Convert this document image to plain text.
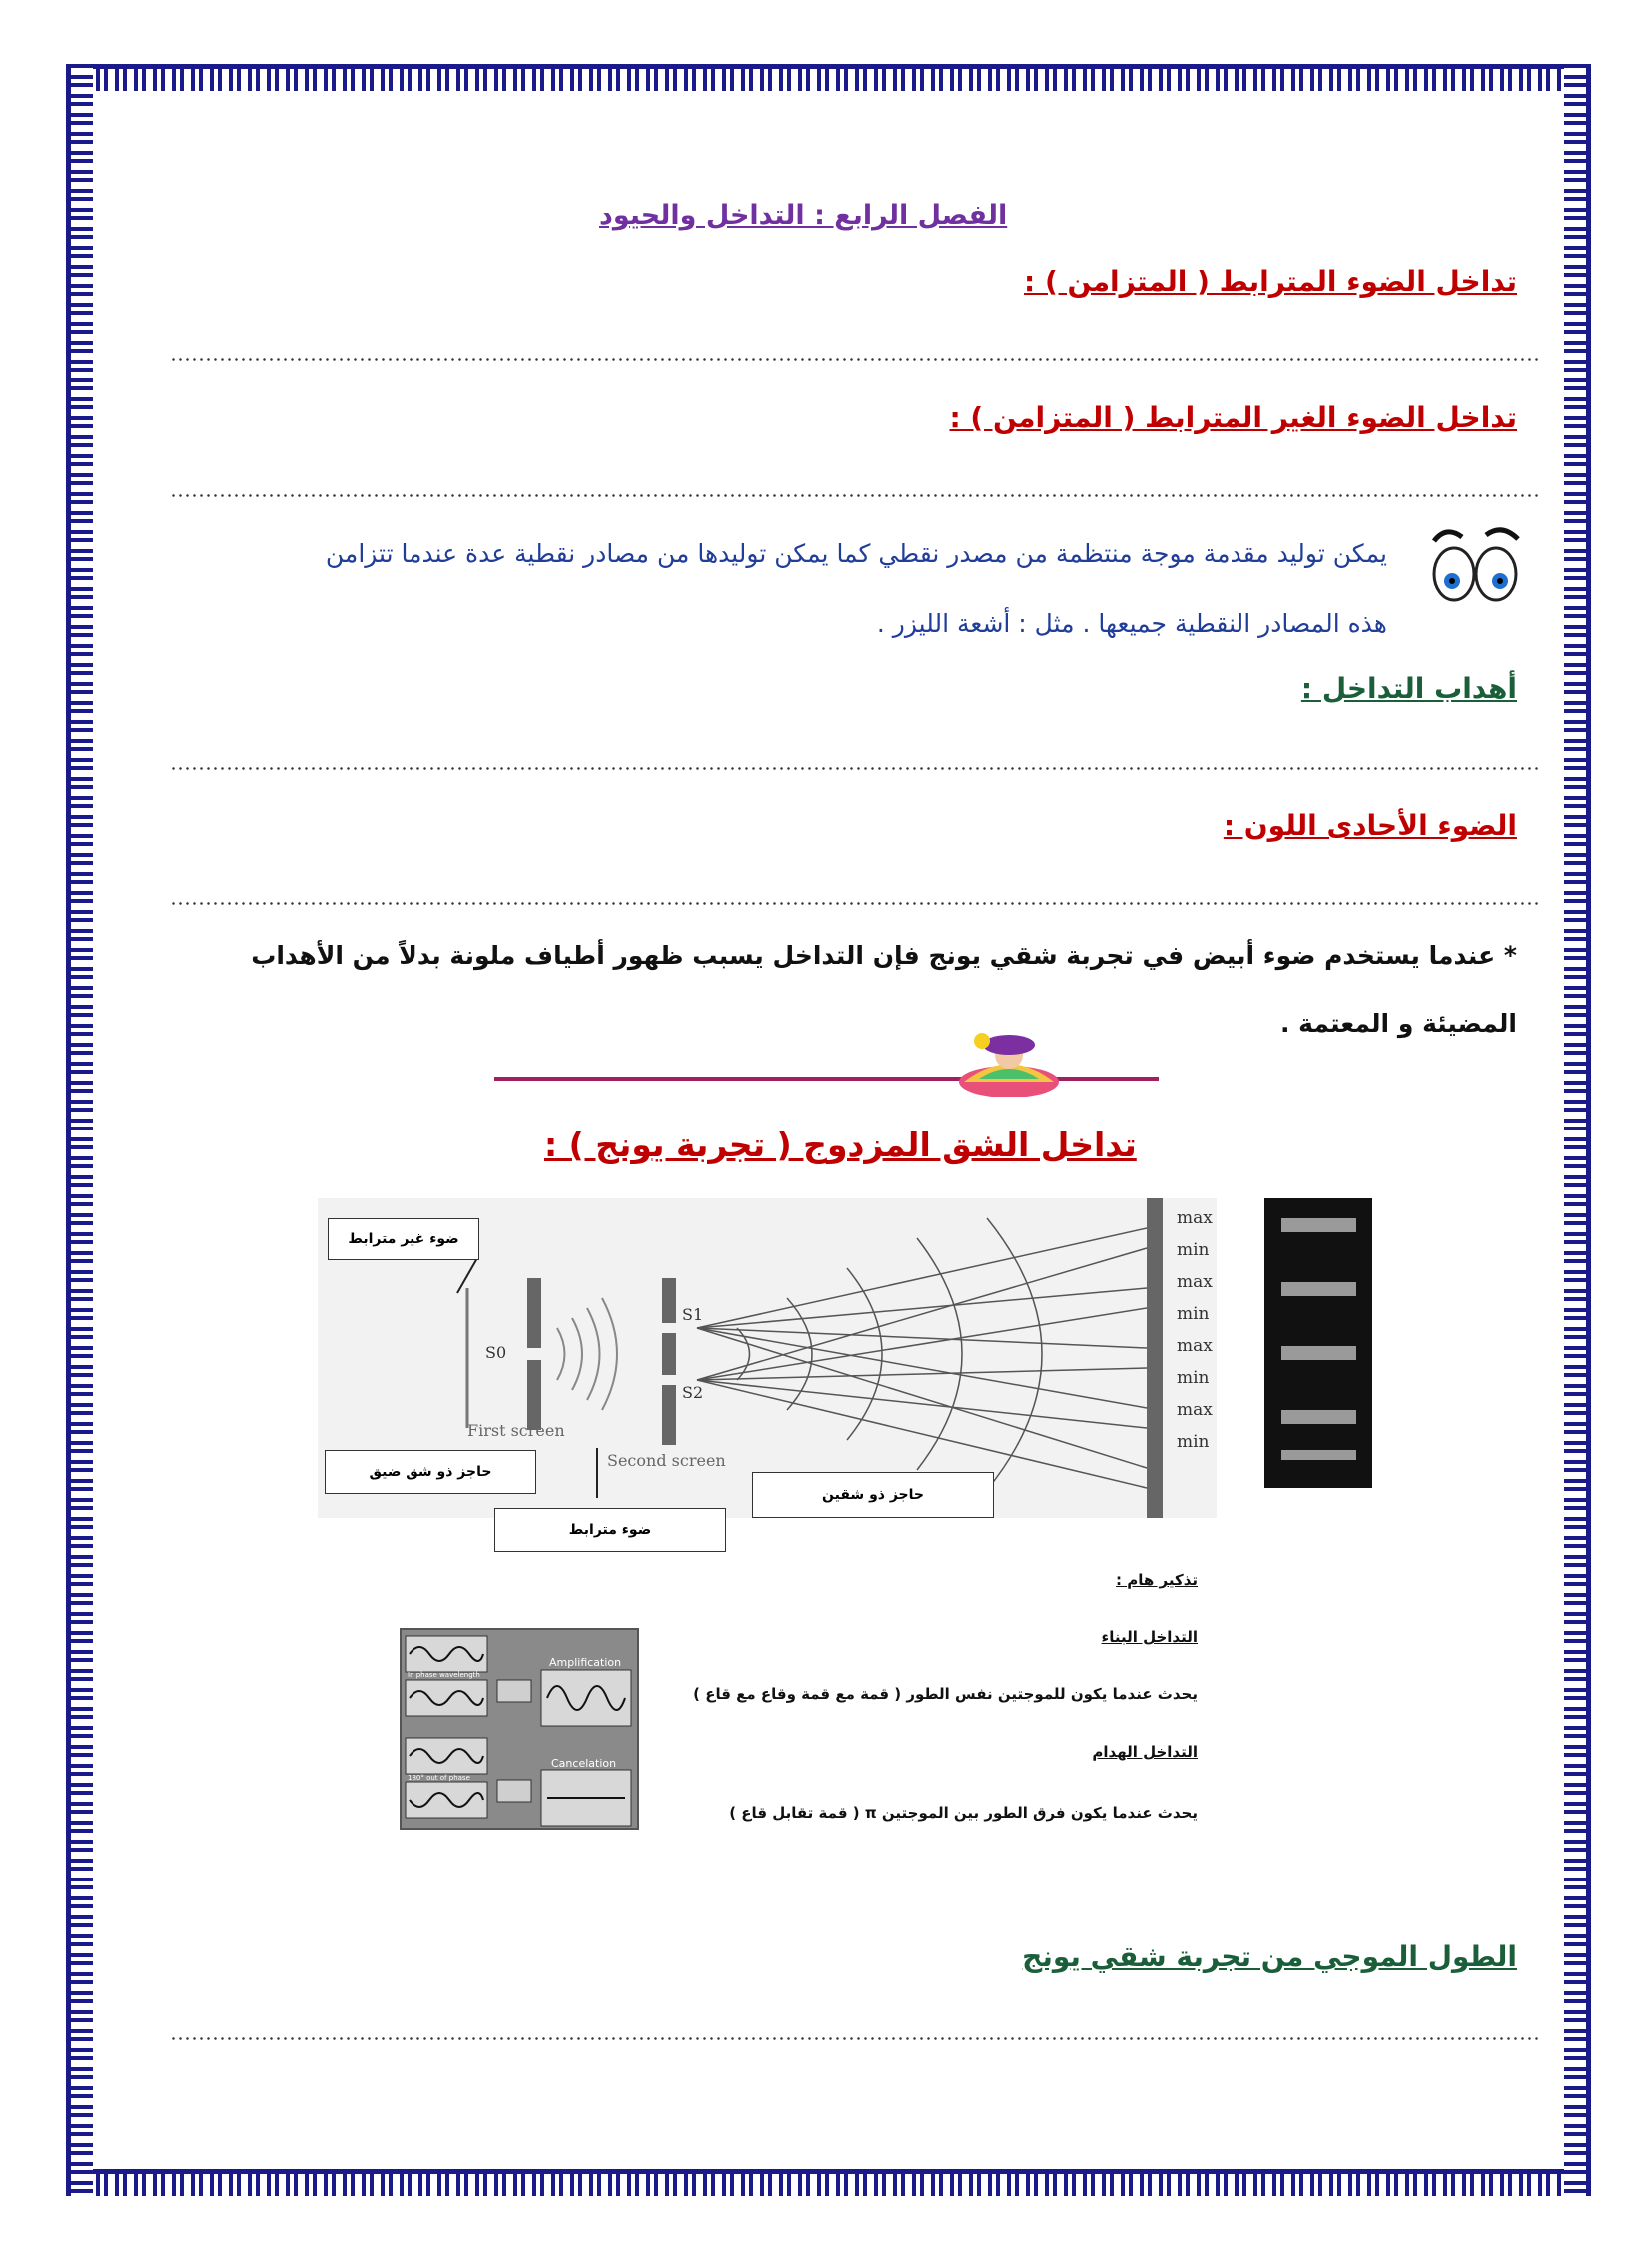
الفصل الرابع : التداخل والحيود
تداخل الضوء المترابط ( المتزامن ) :
تداخل الضوء الغير المترابط ( المتزامن ) :
يمكن توليد مقدمة موجة منتظمة من مصدر نقطي كما يمكن توليدها من مصادر نقطية عدة عندما تتزامن
هذه المصادر النقطية جميعها . مثل : أشعة الليزر .
أهداب التداخل :
الضوء الأحادى اللون :
* عندما يستخدم ضوء أبيض في تجربة شقي يونج فإن التداخل يسبب ظهور أطياف ملونة بدلاً من الأهداب
المضيئة و المعتمة .
تداخل الشق المزدوج ( تجربة يونج ) :
max
min
max
min
max
min
max
min
S0
S1
S2
First screen
Second screen
ضوء غير مترابط
حاجز ذو شق ضيق
ضوء مترابط
حاجز ذو شقين
Amplification
In phase wavelength
Cancelation
180° out of phase
تذكير هام :
التداخل البناء
يحدث عندما يكون للموجتين نفس الطور ( قمة مع قمة وقاع مع قاع )
التداخل الهدام
يحدث عندما يكون فرق الطور بين الموجتين π ( قمة تقابل قاع )
الطول الموجي من تجربة شقي يونج
